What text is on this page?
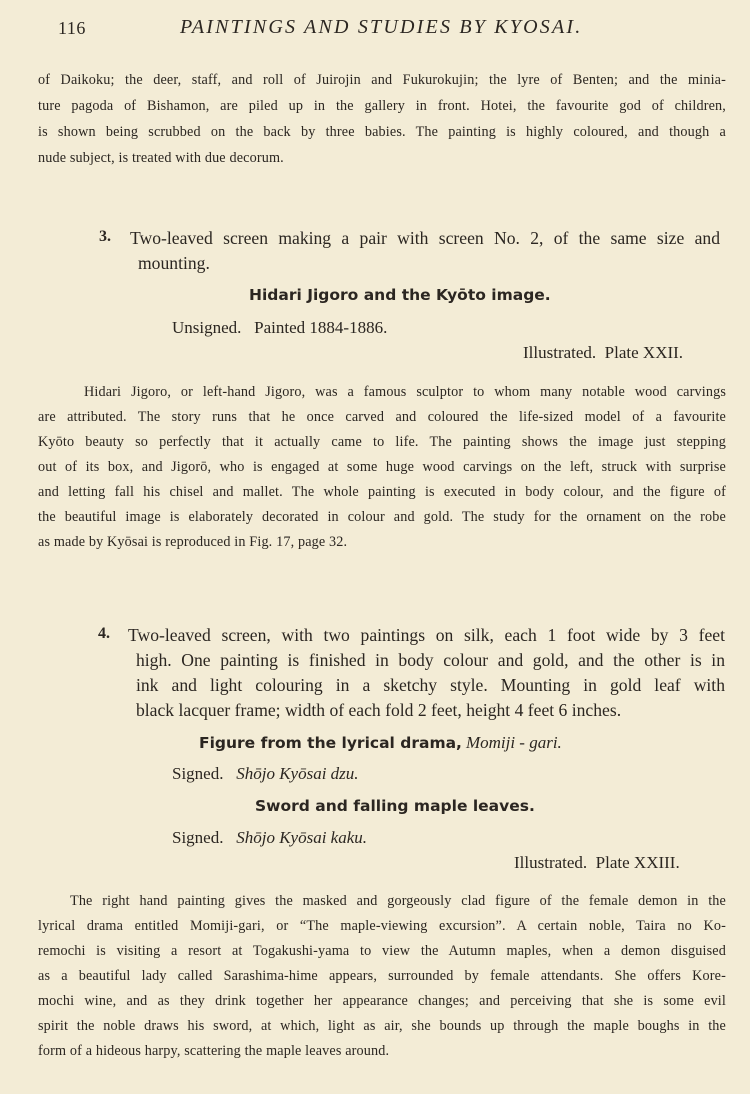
116	PAINTINGS AND STUDIES BY KYOSAI.
of Daikoku; the deer, staff, and roll of Juirojin and Fukurokujin; the lyre of Benten; and the minia-
ture pagoda of Bishamon, are piled up in the gallery in front. Hotei, the favourite god of children,
is shown being scrubbed on the back by three babies. The painting is highly coloured, and though a
nude subject, is treated with due decorum.
3. Two-leaved screen making a pair with screen No. 2, of the same size and
mounting.
Hidari Jigoro and the Kyōto image.
Unsigned.   Painted 1884-1886.
Illustrated.  Plate XXII.
Hidari Jigoro, or left-hand Jigoro, was a famous sculptor to whom many notable wood carvings
are attributed. The story runs that he once carved and coloured the life-sized model of a favourite
Kyōto beauty so perfectly that it actually came to life. The painting shows the image just stepping
out of its box, and Jigorō, who is engaged at some huge wood carvings on the left, struck with surprise
and letting fall his chisel and mallet. The whole painting is executed in body colour, and the figure of
the beautiful image is elaborately decorated in colour and gold. The study for the ornament on the robe
as made by Kyōsai is reproduced in Fig. 17, page 32.
4. Two-leaved screen, with two paintings on silk, each 1 foot wide by 3 feet
high. One painting is finished in body colour and gold, and the other is in
ink and light colouring in a sketchy style. Mounting in gold leaf with
black lacquer frame; width of each fold 2 feet, height 4 feet 6 inches.
Figure from the lyrical drama, Momiji - gari.
Signed. Shōjo Kyōsai dzu.
Sword and falling maple leaves.
Signed. Shōjo Kyōsai kaku.
Illustrated.  Plate XXIII.
The right hand painting gives the masked and gorgeously clad figure of the female demon in the
lyrical drama entitled Momiji-gari, or “The maple-viewing excursion”. A certain noble, Taira no Ko-
remochi is visiting a resort at Togakushi-yama to view the Autumn maples, when a demon disguised
as a beautiful lady called Sarashima-hime appears, surrounded by female attendants. She offers Kore-
mochi wine, and as they drink together her appearance changes; and perceiving that she is some evil
spirit the noble draws his sword, at which, light as air, she bounds up through the maple boughs in the
form of a hideous harpy, scattering the maple leaves around.
